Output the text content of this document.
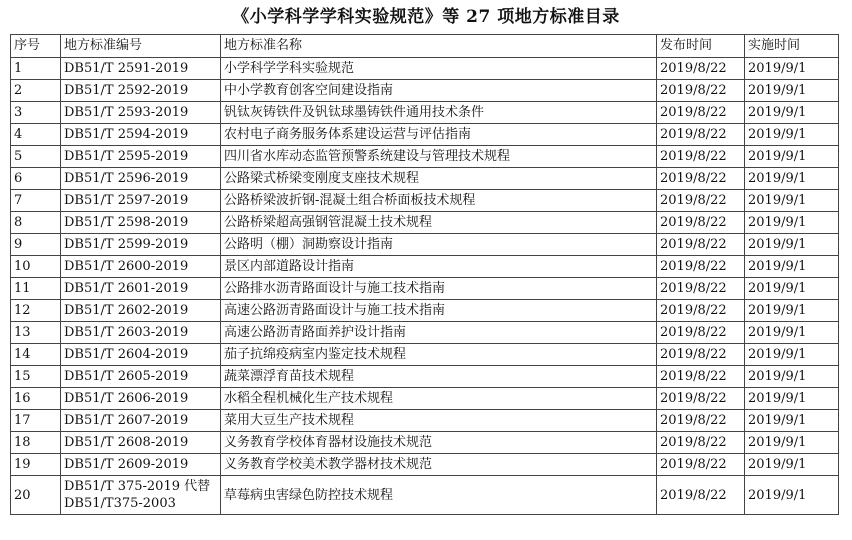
《小学科学学科实验规范》等 27 项地方标准目录
序号	地方标准编号	地方标准名称	发布时间	实施时间
1	DB51/T 2591-2019	小学科学学科实验规范	2019/8/22	2019/9/1
2	DB51/T 2592-2019	中小学教育创客空间建设指南	2019/8/22	2019/9/1
3	DB51/T 2593-2019	钒钛灰铸铁件及钒钛球墨铸铁件通用技术条件	2019/8/22	2019/9/1
4	DB51/T 2594-2019	农村电子商务服务体系建设运营与评估指南	2019/8/22	2019/9/1
5	DB51/T 2595-2019	四川省水库动态监管预警系统建设与管理技术规程	2019/8/22	2019/9/1
6	DB51/T 2596-2019	公路梁式桥梁变刚度支座技术规程	2019/8/22	2019/9/1
7	DB51/T 2597-2019	公路桥梁波折钢-混凝土组合桥面板技术规程	2019/8/22	2019/9/1
8	DB51/T 2598-2019	公路桥梁超高强钢管混凝土技术规程	2019/8/22	2019/9/1
9	DB51/T 2599-2019	公路明（棚）洞勘察设计指南	2019/8/22	2019/9/1
10	DB51/T 2600-2019	景区内部道路设计指南	2019/8/22	2019/9/1
11	DB51/T 2601-2019	公路排水沥青路面设计与施工技术指南	2019/8/22	2019/9/1
12	DB51/T 2602-2019	高速公路沥青路面设计与施工技术指南	2019/8/22	2019/9/1
13	DB51/T 2603-2019	高速公路沥青路面养护设计指南	2019/8/22	2019/9/1
14	DB51/T 2604-2019	茄子抗绵疫病室内鉴定技术规程	2019/8/22	2019/9/1
15	DB51/T 2605-2019	蔬菜漂浮育苗技术规程	2019/8/22	2019/9/1
16	DB51/T 2606-2019	水稻全程机械化生产技术规程	2019/8/22	2019/9/1
17	DB51/T 2607-2019	菜用大豆生产技术规程	2019/8/22	2019/9/1
18	DB51/T 2608-2019	义务教育学校体育器材设施技术规范	2019/8/22	2019/9/1
19	DB51/T 2609-2019	义务教育学校美术教学器材技术规范	2019/8/22	2019/9/1
20	DB51/T 375-2019 代替 DB51/T375-2003	草莓病虫害绿色防控技术规程	2019/8/22	2019/9/1
